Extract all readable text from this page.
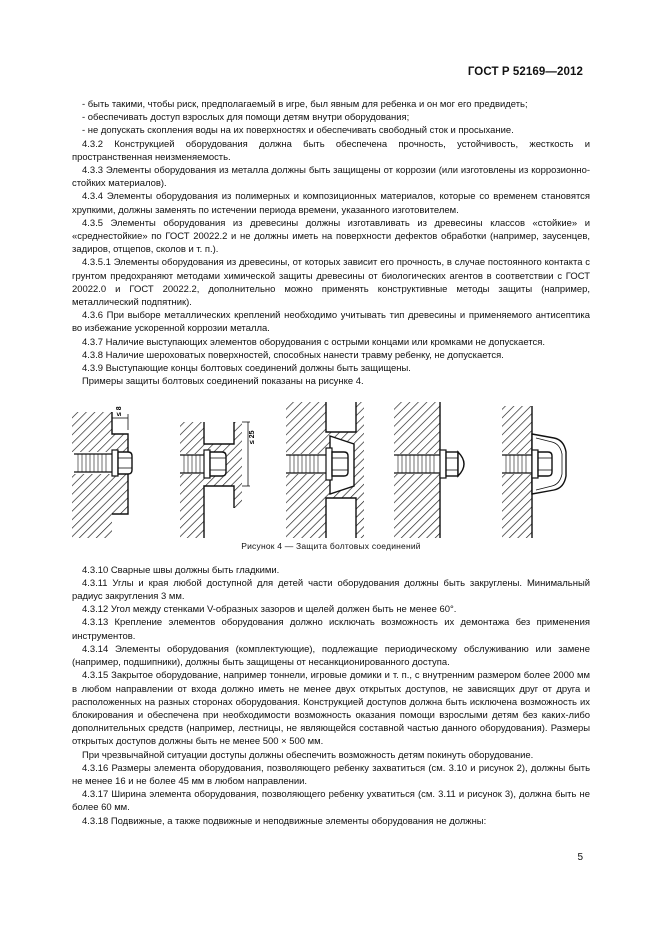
ГОСТ Р 52169—2012

- быть такими, чтобы риск, предполагаемый в игре, был явным для ребенка и он мог его предвидеть;

- обеспечивать доступ взрослых для помощи детям внутри оборудования;

- не допускать скопления воды на их поверхностях и обеспечивать свободный сток и просыхание.

4.3.2 Конструкцией оборудования должна быть обеспечена прочность, устойчивость, жесткость и пространственная неизменяемость.

4.3.3 Элементы оборудования из металла должны быть защищены от коррозии (или изготовлены из коррозионно-стойких материалов).

4.3.4 Элементы оборудования из полимерных и композиционных материалов, которые со временем становятся хрупкими, должны заменять по истечении периода времени, указанного изготовителем.

4.3.5 Элементы оборудования из древесины должны изготавливать из древесины классов «стойкие» и «среднестойкие» по ГОСТ 20022.2 и не должны иметь на поверхности дефектов обработки (например, заусенцев, задиров, отщепов, сколов и т. п.).

4.3.5.1 Элементы оборудования из древесины, от которых зависит его прочность, в случае постоянного контакта с грунтом предохраняют методами химической защиты древесины от биологических агентов в соответствии с ГОСТ 20022.0 и ГОСТ 20022.2, дополнительно можно применять конструктивные методы защиты (например, металлический подпятник).

4.3.6 При выборе металлических креплений необходимо учитывать тип древесины и применяемого антисептика во избежание ускоренной коррозии металла.

4.3.7 Наличие выступающих элементов оборудования с острыми концами или кромками не допускается.

4.3.8 Наличие шероховатых поверхностей, способных нанести травму ребенку, не допускается.

4.3.9 Выступающие концы болтовых соединений должны быть защищены.

Примеры защиты болтовых соединений показаны на рисунке 4.

≤ 8
≤ 25
Рисунок 4 — Защита болтовых соединений

4.3.10 Сварные швы должны быть гладкими.

4.3.11 Углы и края любой доступной для детей части оборудования должны быть закруглены. Минимальный радиус закругления 3 мм.

4.3.12 Угол между стенками V-образных зазоров и щелей должен быть не менее 60°.

4.3.13 Крепление элементов оборудования должно исключать возможность их демонтажа без применения инструментов.

4.3.14 Элементы оборудования (комплектующие), подлежащие периодическому обслуживанию или замене (например, подшипники), должны быть защищены от несанкционированного доступа.

4.3.15 Закрытое оборудование, например тоннели, игровые домики и т. п., с внутренним размером более 2000 мм в любом направлении от входа должно иметь не менее двух открытых доступов, не зависящих друг от друга и расположенных на разных сторонах оборудования. Конструкцией доступов должна быть исключена возможность их блокирования и обеспечена при необходимости возможность оказания помощи взрослыми детям без каких-либо дополнительных средств (например, лестницы, не являющейся составной частью данного оборудования). Размеры открытых доступов должны быть не менее 500 × 500 мм.

При чрезвычайной ситуации доступы должны обеспечить возможность детям покинуть оборудование.

4.3.16 Размеры элемента оборудования, позволяющего ребенку захватиться (см. 3.10 и рисунок 2), должны быть не менее 16 и не более 45 мм в любом направлении.

4.3.17 Ширина элемента оборудования, позволяющего ребенку ухватиться (см. 3.11 и рисунок 3), должна быть не более 60 мм.

4.3.18 Подвижные, а также подвижные и неподвижные элементы оборудования не должны:

5
